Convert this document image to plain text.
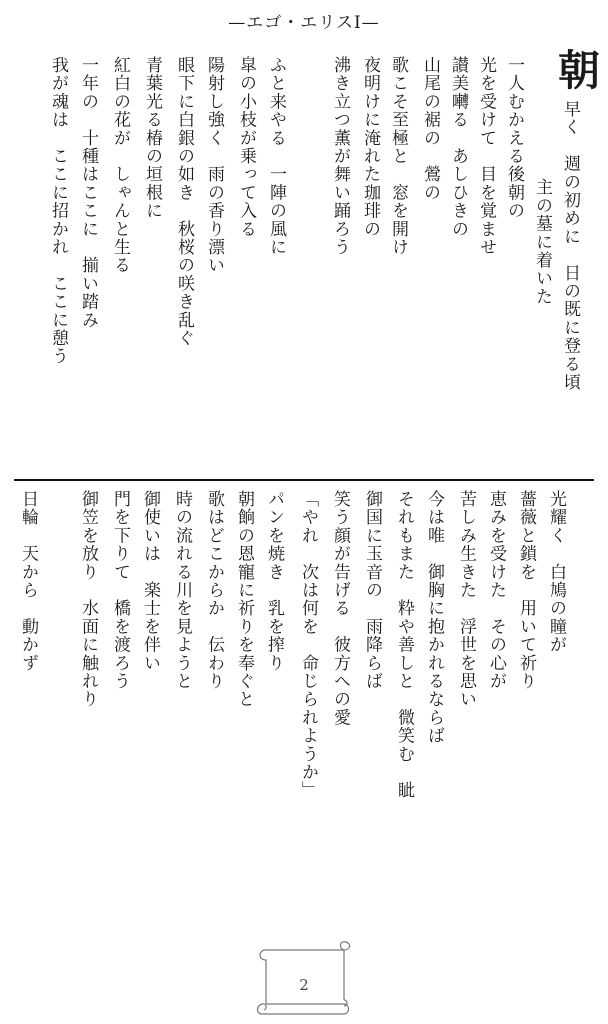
—エゴ・エリスⅠ—
朝
早く　週の初めに　日の既に登る頃
　主の墓に着いた
一人むかえる後朝の
光を受けて　目を覚ませ
讃美囀る　あしひきの
山尾の裾の　鶯の
歌こそ至極と　窓を開け
夜明けに淹れた珈琲の
沸き立つ薫が舞い踊ろう
ふと来やる　一陣の風に
皐の小枝が乗って入る
陽射し強く　雨の香り漂い
眼下に白銀の如き　秋桜の咲き乱ぐ
青葉光る椿の垣根に
紅白の花が　しゃんと生る
一年の　十種はここに　揃い踏み
我が魂は　ここに招かれ　ここに憩う
光耀く　白鳩の瞳が
薔薇と鎖を　用いて祈り
恵みを受けた　その心が
苦しみ生きた　浮世を思い
今は唯　御胸に抱かれるならば
それもまた　粋や善しと　微笑む　眦
御国に玉音の　雨降らば
笑う顔が告げる　彼方への愛
「やれ　次は何を　命じられようか」
パンを焼き　乳を搾り
朝餉の恩寵に祈りを奉ぐと
歌はどこからか　伝わり
時の流れる川を見ようと
御使いは　楽士を伴い
門を下りて　橋を渡ろう
御笠を放り　水面に触れり
日輪　天から　動かず
2
